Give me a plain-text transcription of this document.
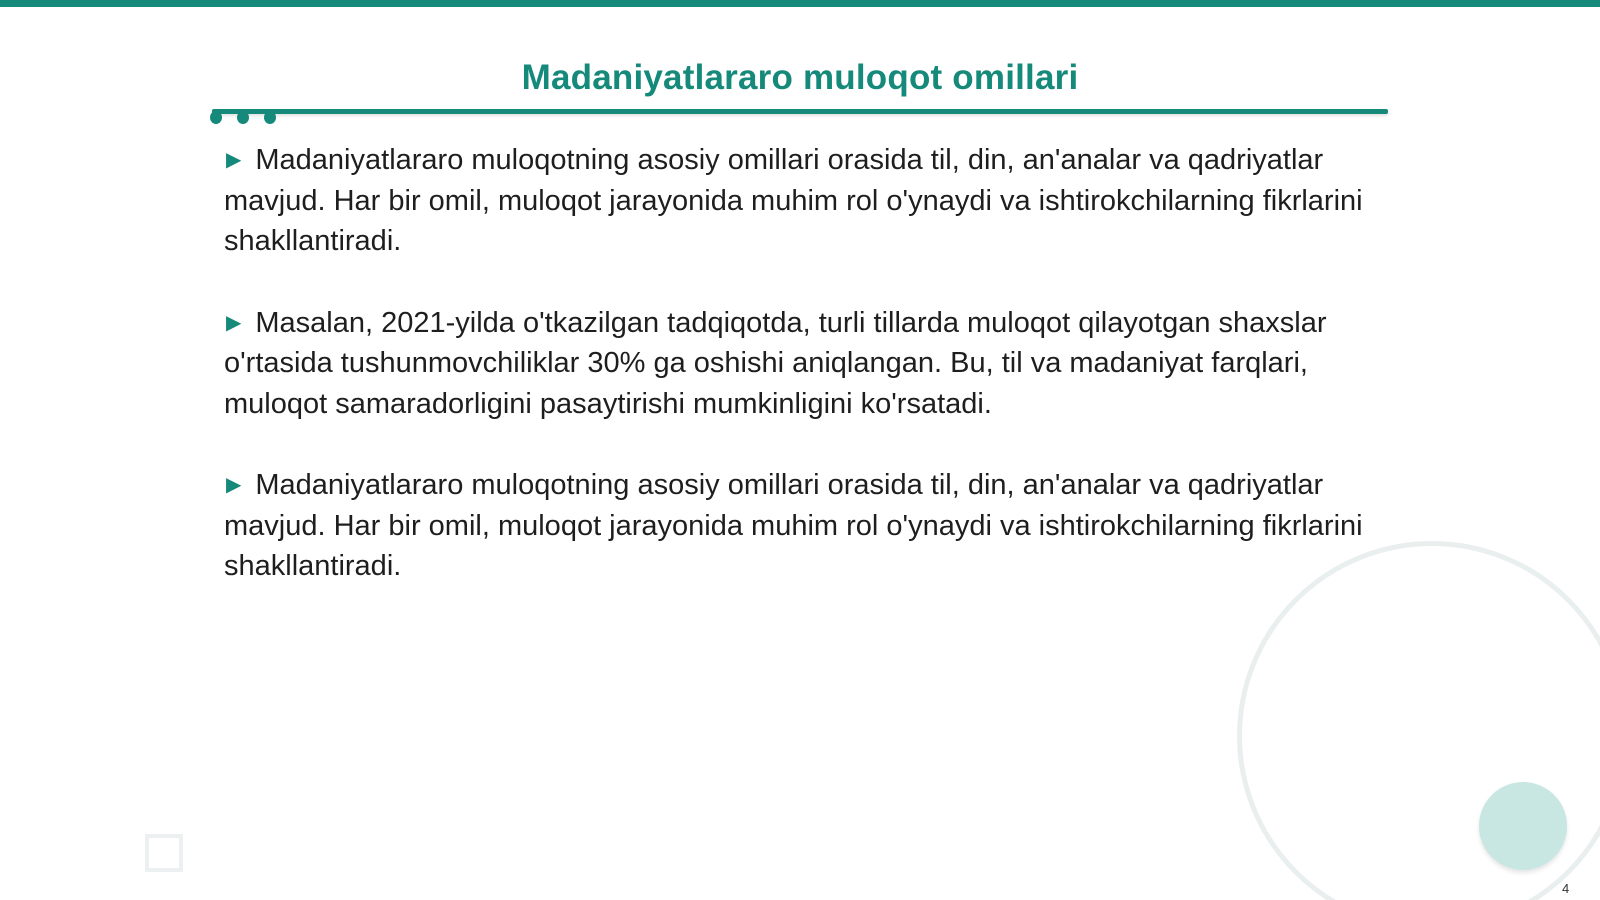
Madaniyatlararo muloqot omillari

▶ Madaniyatlararo muloqotning asosiy omillari orasida til, din, an'analar va qadriyatlar mavjud. Har bir omil, muloqot jarayonida muhim rol o'ynaydi va ishtirokchilarning fikrlarini shakllantiradi.

▶ Masalan, 2021-yilda o'tkazilgan tadqiqotda, turli tillarda muloqot qilayotgan shaxslar o'rtasida tushunmovchiliklar 30% ga oshishi aniqlangan. Bu, til va madaniyat farqlari, muloqot samaradorligini pasaytirishi mumkinligini ko'rsatadi.

▶ Madaniyatlararo muloqotning asosiy omillari orasida til, din, an'analar va qadriyatlar mavjud. Har bir omil, muloqot jarayonida muhim rol o'ynaydi va ishtirokchilarning fikrlarini shakllantiradi.

4
